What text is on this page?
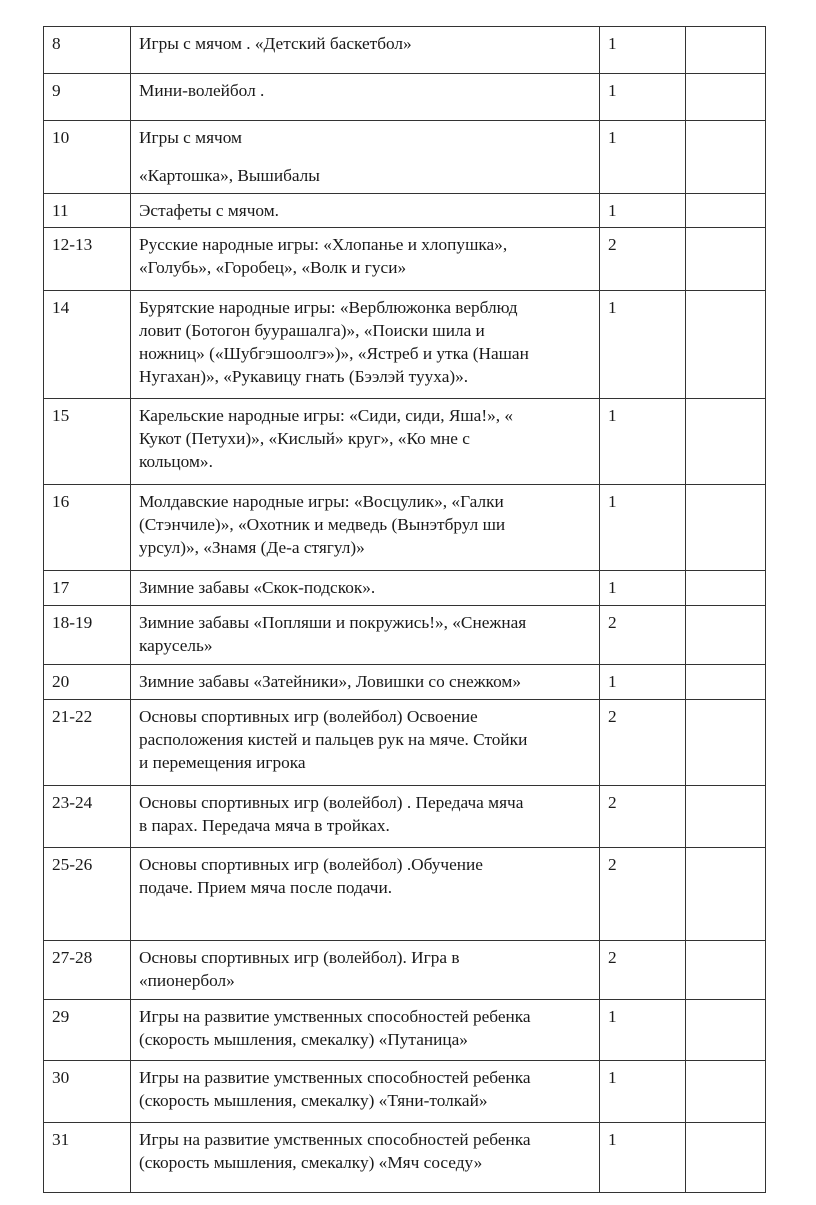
8	Игры с мячом . «Детский баскетбол»	1	
9	Мини-волейбол .	1	
10	Игры с мячом
«Картошка», Вышибалы	1	
11	Эстафеты с мячом.	1	
12-13	Русские народные игры: «Хлопанье и хлопушка»,
«Голубь», «Горобец», «Волк и гуси»	2	
14	Бурятские народные игры: «Верблюжонка верблюд
ловит (Ботогон буурашалга)», «Поиски шила и
ножниц» («Шубгэшоолгэ»)», «Ястреб и утка (Нашан
Нугахан)», «Рукавицу гнать (Бээлэй тууха)».	1	
15	Карельские народные игры: «Сиди, сиди, Яша!», «
Кукот (Петухи)», «Кислый» круг», «Ко мне с
кольцом».	1	
16	Молдавские народные игры: «Восцулик», «Галки
(Стэнчиле)», «Охотник и медведь (Вынэтбрул ши
урсул)», «Знамя (Де-а стягул)»	1	
17	Зимние забавы «Скок-подскок».	1	
18-19	Зимние забавы «Попляши и покружись!», «Снежная
карусель»	2	
20	Зимние забавы «Затейники», Ловишки со снежком»	1	
21-22	Основы спортивных игр (волейбол) Освоение
расположения кистей и пальцев рук на мяче. Стойки
и перемещения игрока	2	
23-24	Основы спортивных игр (волейбол) . Передача мяча
в парах. Передача мяча в тройках.	2	
25-26	Основы спортивных игр (волейбол) .Обучение
подаче. Прием мяча после подачи.	2	
27-28	Основы спортивных игр (волейбол). Игра в
«пионербол»	2	
29	Игры на развитие умственных способностей ребенка
(скорость мышления, смекалку) «Путаница»	1	
30	Игры на развитие умственных способностей ребенка
(скорость мышления, смекалку) «Тяни-толкай»	1	
31	Игры на развитие умственных способностей ребенка
(скорость мышления, смекалку) «Мяч соседу»	1	
